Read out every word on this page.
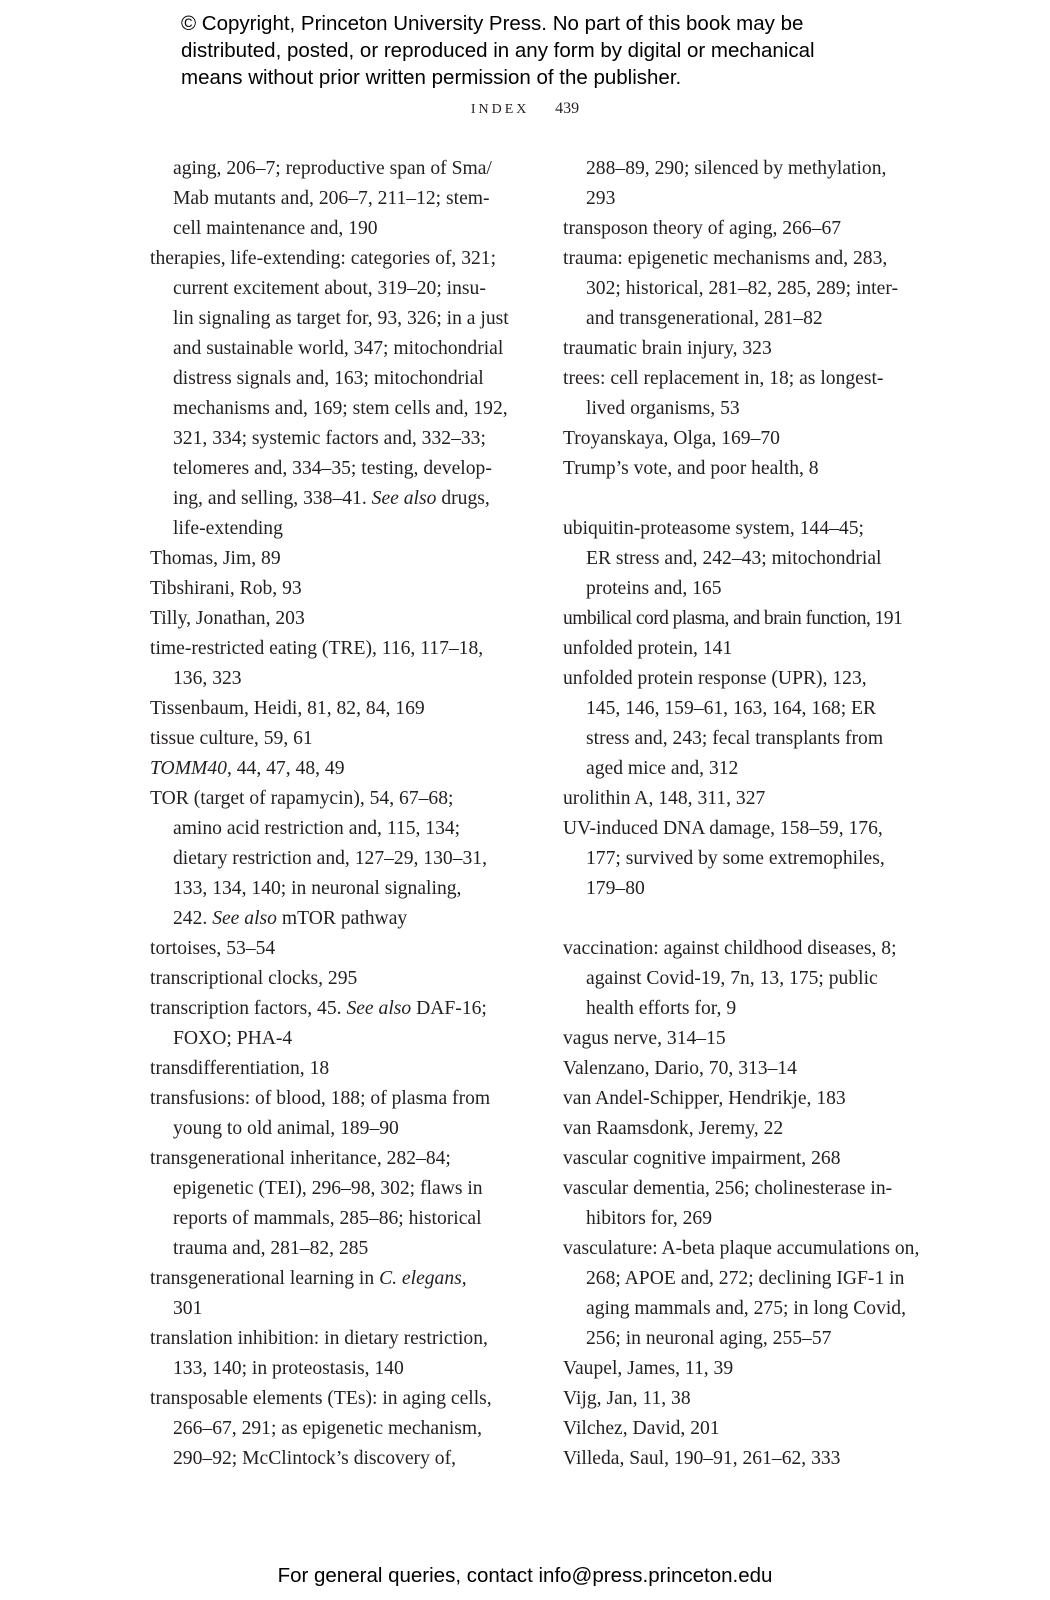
© Copyright, Princeton University Press. No part of this book may be
distributed, posted, or reproduced in any form by digital or mechanical
means without prior written permission of the publisher.
INDEX 439
aging, 206–7; reproductive span of Sma/
Mab mutants and, 206–7, 211–12; stem-
cell maintenance and, 190
therapies, life-extending: categories of, 321;
current excitement about, 319–20; insu-
lin signaling as target for, 93, 326; in a just
and sustainable world, 347; mitochondrial
distress signals and, 163; mitochondrial
mechanisms and, 169; stem cells and, 192,
321, 334; systemic factors and, 332–33;
telomeres and, 334–35; testing, develop-
ing, and selling, 338–41. See also drugs,
life-extending
Thomas, Jim, 89
Tibshirani, Rob, 93
Tilly, Jonathan, 203
time-restricted eating (TRE), 116, 117–18,
136, 323
Tissenbaum, Heidi, 81, 82, 84, 169
tissue culture, 59, 61
TOMM40, 44, 47, 48, 49
TOR (target of rapamycin), 54, 67–68;
amino acid restriction and, 115, 134;
dietary restriction and, 127–29, 130–31,
133, 134, 140; in neuronal signaling,
242. See also mTOR pathway
tortoises, 53–54
transcriptional clocks, 295
transcription factors, 45. See also DAF-16;
FOXO; PHA-4
transdifferentiation, 18
transfusions: of blood, 188; of plasma from
young to old animal, 189–90
transgenerational inheritance, 282–84;
epigenetic (TEI), 296–98, 302; flaws in
reports of mammals, 285–86; historical
trauma and, 281–82, 285
transgenerational learning in C. elegans,
301
translation inhibition: in dietary restriction,
133, 140; in proteostasis, 140
transposable elements (TEs): in aging cells,
266–67, 291; as epigenetic mechanism,
290–92; McClintock’s discovery of,
288–89, 290; silenced by methylation,
293
transposon theory of aging, 266–67
trauma: epigenetic mechanisms and, 283,
302; historical, 281–82, 285, 289; inter-
and transgenerational, 281–82
traumatic brain injury, 323
trees: cell replacement in, 18; as longest-
lived organisms, 53
Troyanskaya, Olga, 169–70
Trump’s vote, and poor health, 8
ubiquitin-proteasome system, 144–45;
ER stress and, 242–43; mitochondrial
proteins and, 165
umbilical cord plasma, and brain function, 191
unfolded protein, 141
unfolded protein response (UPR), 123,
145, 146, 159–61, 163, 164, 168; ER
stress and, 243; fecal transplants from
aged mice and, 312
urolithin A, 148, 311, 327
UV-induced DNA damage, 158–59, 176,
177; survived by some extremophiles,
179–80
vaccination: against childhood diseases, 8;
against Covid-19, 7n, 13, 175; public
health efforts for, 9
vagus nerve, 314–15
Valenzano, Dario, 70, 313–14
van Andel-Schipper, Hendrikje, 183
van Raamsdonk, Jeremy, 22
vascular cognitive impairment, 268
vascular dementia, 256; cholinesterase in-
hibitors for, 269
vasculature: A-beta plaque accumulations on,
268; APOE and, 272; declining IGF-1 in
aging mammals and, 275; in long Covid,
256; in neuronal aging, 255–57
Vaupel, James, 11, 39
Vijg, Jan, 11, 38
Vilchez, David, 201
Villeda, Saul, 190–91, 261–62, 333
For general queries, contact info@press.princeton.edu
